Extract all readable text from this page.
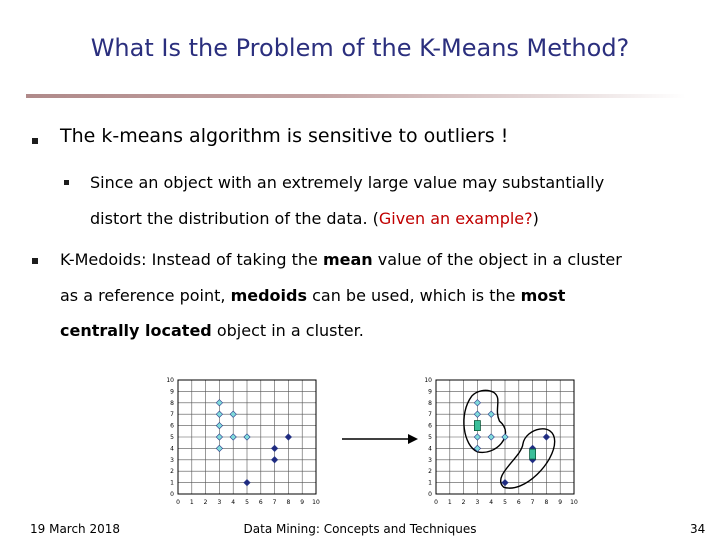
What Is the Problem of the K-Means Method?
The k-means algorithm is sensitive to outliers !
Since an object with an extremely large value may substantially
distort the distribution of the data. (Given an example?)
K-Medoids: Instead of taking the mean value of the object in a cluster
as a reference point, medoids can be used, which is the most
centrally located object in a cluster.
0 1 2 3 4 5 6 7 8 9 10
0
1
2
3
4
5
6
7
8
9
10
0 1 2 3 4 5 6 7 8 9 10
0
1
2
3
4
5
6
7
8
9
10
19 March 2018	Data Mining: Concepts and Techniques	34
